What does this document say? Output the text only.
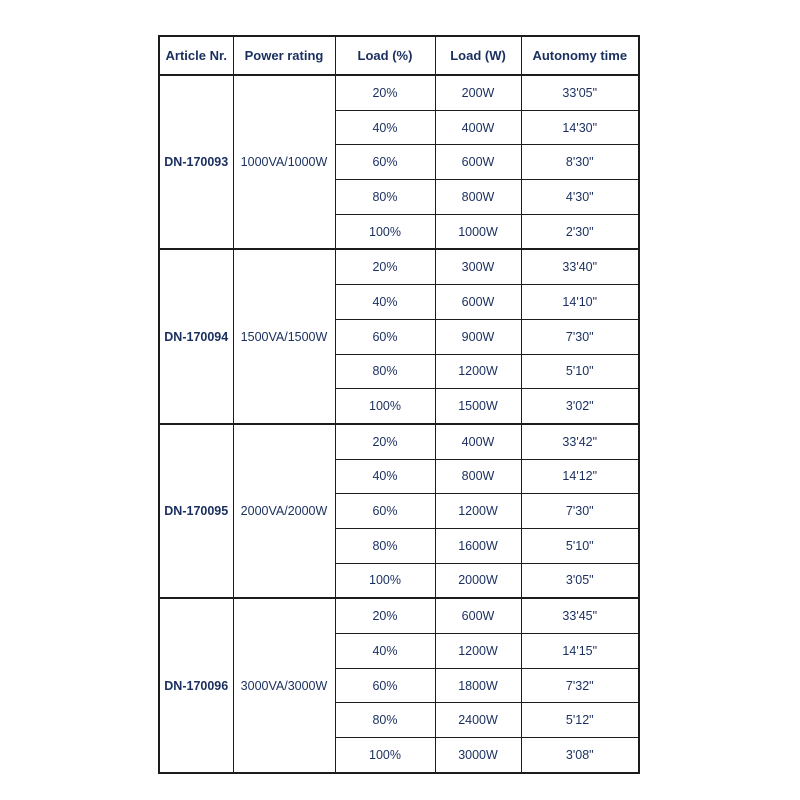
Article Nr.	Power rating	Load (%)	Load (W)	Autonomy time
DN-170093	1000VA/1000W	20%	200W	33'05"
		40%	400W	14'30"
		60%	600W	8'30"
		80%	800W	4'30"
		100%	1000W	2'30"
DN-170094	1500VA/1500W	20%	300W	33'40"
		40%	600W	14'10"
		60%	900W	7'30"
		80%	1200W	5'10"
		100%	1500W	3'02"
DN-170095	2000VA/2000W	20%	400W	33'42"
		40%	800W	14'12"
		60%	1200W	7'30"
		80%	1600W	5'10"
		100%	2000W	3'05"
DN-170096	3000VA/3000W	20%	600W	33'45"
		40%	1200W	14'15"
		60%	1800W	7'32"
		80%	2400W	5'12"
		100%	3000W	3'08"
